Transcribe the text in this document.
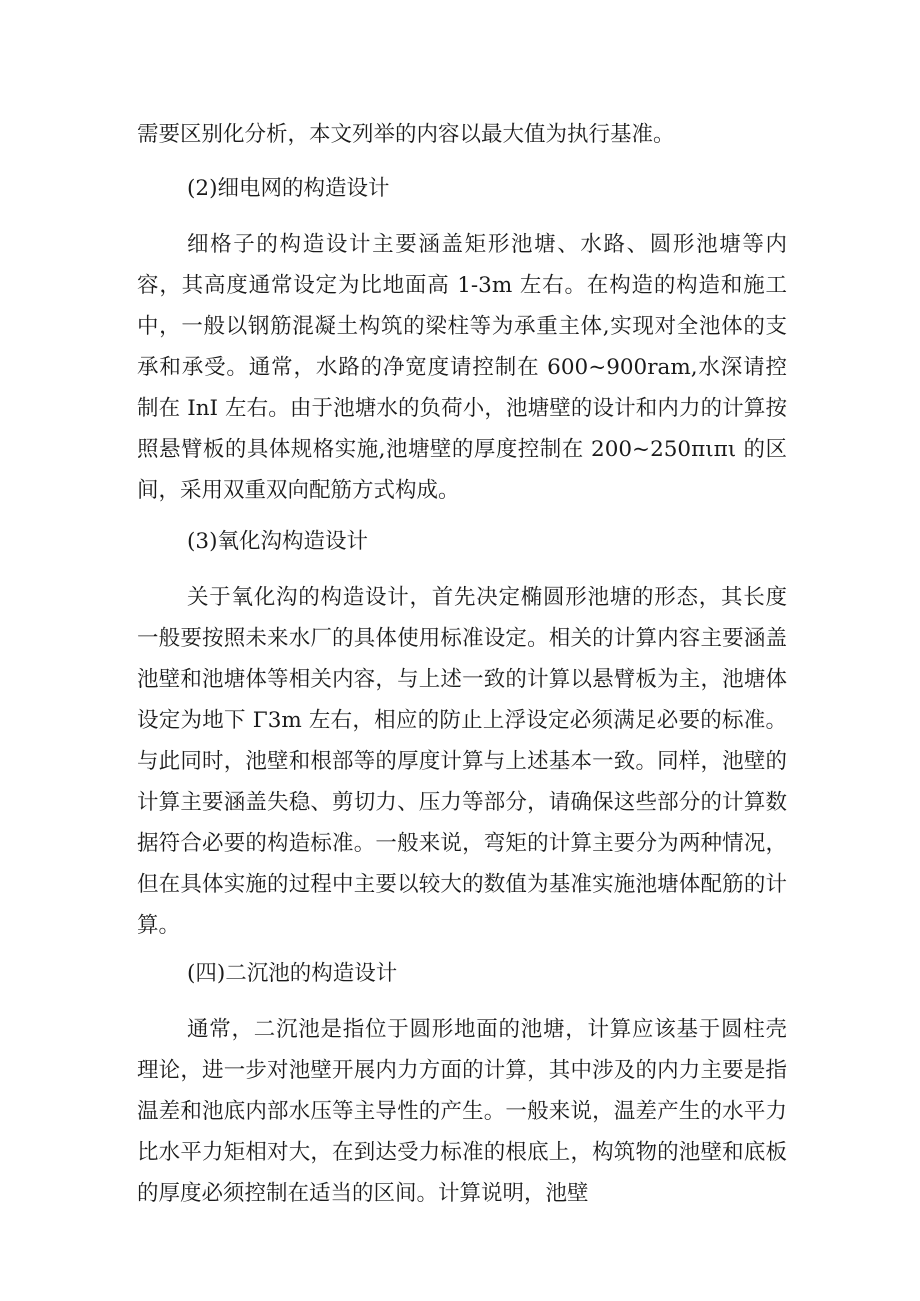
需要区别化分析，本文列举的内容以最大值为执行基准。
(2)细电网的构造设计
细格子的构造设计主要涵盖矩形池塘、水路、圆形池塘等内容，其高度通常设定为比地面高 1-3m 左右。在构造的构造和施工中，一般以钢筋混凝土构筑的梁柱等为承重主体,实现对全池体的支承和承受。通常，水路的净宽度请控制在 600~900ram,水深请控制在 InI 左右。由于池塘水的负荷小，池塘壁的设计和内力的计算按照悬臂板的具体规格实施,池塘壁的厚度控制在 200~250πιπι 的区间，采用双重双向配筋方式构成。
(3)氧化沟构造设计
关于氧化沟的构造设计，首先决定椭圆形池塘的形态，其长度一般要按照未来水厂的具体使用标准设定。相关的计算内容主要涵盖池壁和池塘体等相关内容，与上述一致的计算以悬臂板为主，池塘体设定为地下 Γ3m 左右，相应的防止上浮设定必须满足必要的标准。与此同时，池壁和根部等的厚度计算与上述基本一致。同样，池壁的计算主要涵盖失稳、剪切力、压力等部分，请确保这些部分的计算数据符合必要的构造标准。一般来说，弯矩的计算主要分为两种情况，但在具体实施的过程中主要以较大的数值为基准实施池塘体配筋的计算。
(四)二沉池的构造设计
通常，二沉池是指位于圆形地面的池塘，计算应该基于圆柱壳理论，进一步对池壁开展内力方面的计算，其中涉及的内力主要是指温差和池底内部水压等主导性的产生。一般来说，温差产生的水平力比水平力矩相对大，在到达受力标准的根底上，构筑物的池壁和底板的厚度必须控制在适当的区间。计算说明，池壁
